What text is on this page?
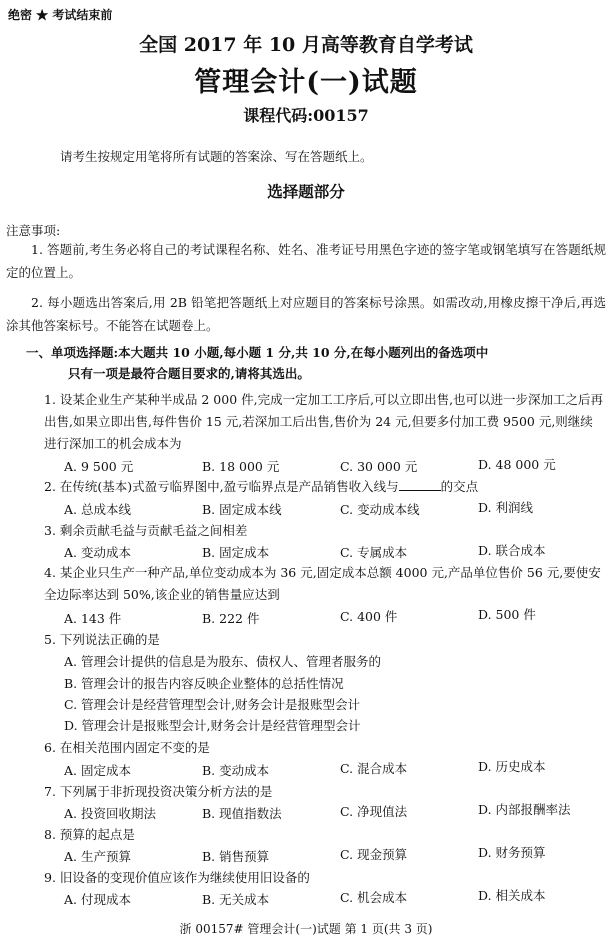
绝密 ★ 考试结束前
全国 2017 年 10 月高等教育自学考试
管理会计(一)试题
课程代码:00157
请考生按规定用笔将所有试题的答案涂、写在答题纸上。
选择题部分
注意事项:
1. 答题前,考生务必将自己的考试课程名称、姓名、准考证号用黑色字迹的签字笔或钢笔填写在答题纸规定的位置上。
2. 每小题选出答案后,用 2B 铅笔把答题纸上对应题目的答案标号涂黑。如需改动,用橡皮擦干净后,再选涂其他答案标号。不能答在试题卷上。
一、单项选择题:本大题共 10 小题,每小题 1 分,共 10 分,在每小题列出的备选项中
只有一项是最符合题目要求的,请将其选出。
1. 设某企业生产某种半成品 2 000 件,完成一定加工工序后,可以立即出售,也可以进一步深加工之后再出售,如果立即出售,每件售价 15 元,若深加工后出售,售价为 24 元,但要多付加工费 9500 元,则继续进行深加工的机会成本为
A. 9 500 元	B. 18 000 元	C. 30 000 元	D. 48 000 元
2. 在传统(基本)式盈亏临界图中,盈亏临界点是产品销售收入线与	的交点
A. 总成本线	B. 固定成本线	C. 变动成本线	D. 利润线
3. 剩余贡献毛益与贡献毛益之间相差
A. 变动成本	B. 固定成本	C. 专属成本	D. 联合成本
4. 某企业只生产一种产品,单位变动成本为 36 元,固定成本总额 4000 元,产品单位售价 56 元,要使安全边际率达到 50%,该企业的销售量应达到
A. 143 件	B. 222 件	C. 400 件	D. 500 件
5. 下列说法正确的是
A. 管理会计提供的信息是为股东、债权人、管理者服务的
B. 管理会计的报告内容反映企业整体的总括性情况
C. 管理会计是经营管理型会计,财务会计是报账型会计
D. 管理会计是报账型会计,财务会计是经营管理型会计
6. 在相关范围内固定不变的是
A. 固定成本	B. 变动成本	C. 混合成本	D. 历史成本
7. 下列属于非折现投资决策分析方法的是
A. 投资回收期法	B. 现值指数法	C. 净现值法	D. 内部报酬率法
8. 预算的起点是
A. 生产预算	B. 销售预算	C. 现金预算	D. 财务预算
9. 旧设备的变现价值应该作为继续使用旧设备的
A. 付现成本	B. 无关成本	C. 机会成本	D. 相关成本
浙 00157# 管理会计(一)试题 第 1 页(共 3 页)
